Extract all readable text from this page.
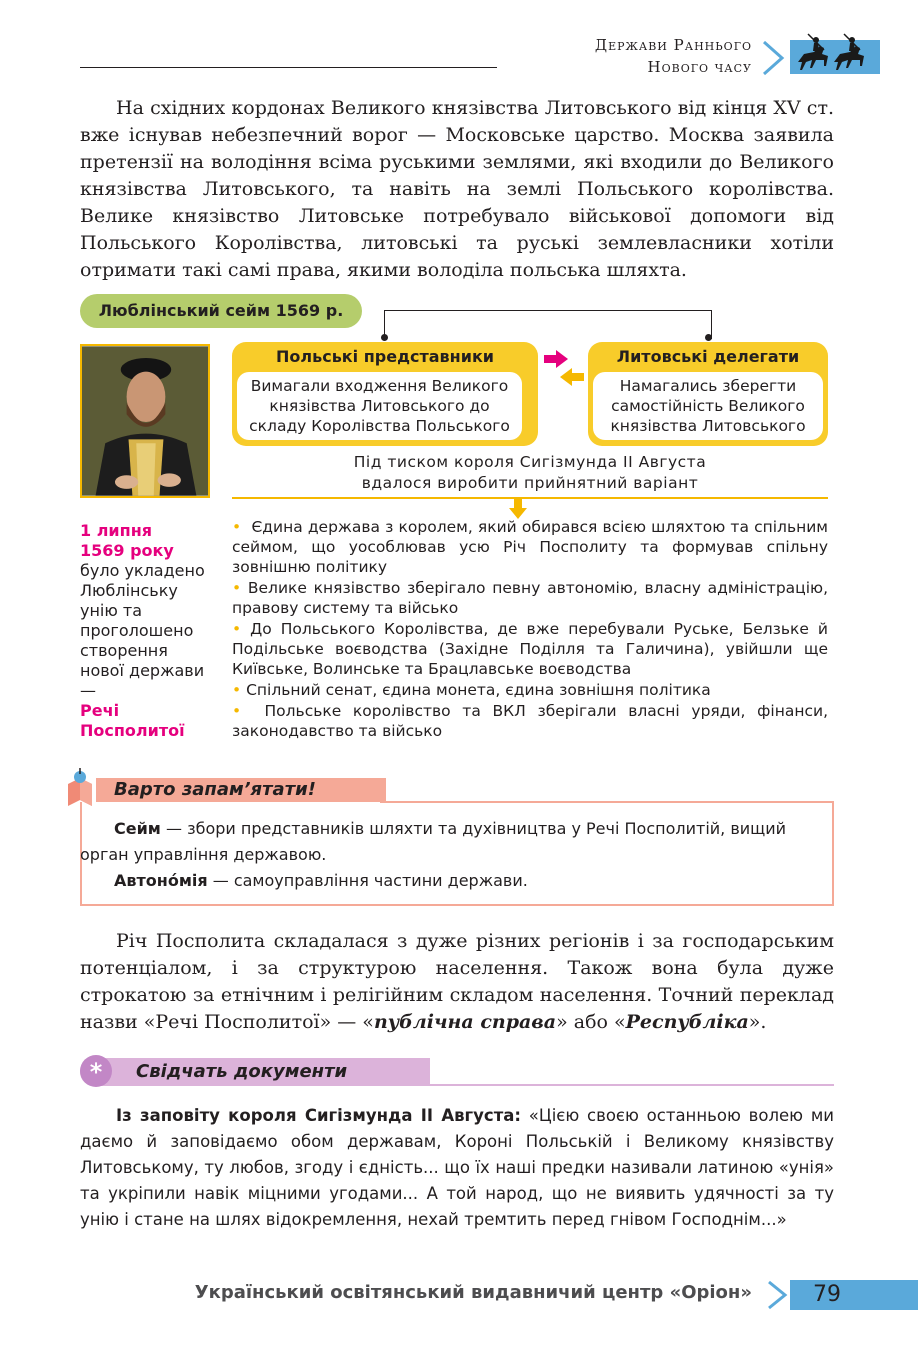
Держави Раннього
Нового часу

На східних кордонах Великого князівства Литовського від кінця XV ст. вже існував небезпечний ворог — Московське царство. Москва заявила претензії на володіння всіма руськими землями, які входили до Великого князівства Литовського, та навіть на землі Польського королівства. Велике князівство Литовське потребувало військової допомоги від Польського Королівства, литовські та руські землевласники хотіли отримати такі самі права, якими володіла польська шляхта.

Люблінський сейм 1569 р.
Польські представники
Вимагали входження Великого князівства Литовського до складу Королівства Польського
Литовські делегати
Намагались зберегти самостійність Великого князівства Литовського
Під тиском короля Сигізмунда II Августа
вдалося виробити прийнятний варіант
1 липня 1569 року
було укладено Люблінську унію та проголошено створення нової держави —
Речі Посполитої
• Єдина держава з королем, який обирався всією шляхтою та спільним сеймом, що уособлював усю Річ Посполиту та формував спільну зовнішню політику
• Велике князівство зберігало певну автономію, власну адміністрацію, правову систему та військо
• До Польського Королівства, де вже перебували Руське, Белзьке й Подільське воєводства (Західне Поділля та Галичина), увійшли ще Київське, Волинське та Брацлавське воєводства
• Спільний сенат, єдина монета, єдина зовнішня політика
• Польське королівство та ВКЛ зберігали власні уряди, фінанси, законодавство та військо
Варто запам’ятати!

Сейм — збори представників шляхти та духівництва у Речі Посполитій, вищий орган управління державою.

Автоно́мія — самоуправління частини держави.

Річ Посполита складалася з дуже різних регіонів і за господарським потенціалом, і за структурою населення. Також вона була дуже строкатою за етнічним і релігійним складом населення. Точний переклад назви «Речі Посполитої» — «публічна справа» або «Республіка».

*	Свідчать документи

Із заповіту короля Сигізмунда II Августа: «Цією своєю останньою волею ми даємо й заповідаємо обом державам, Короні Польській і Великому князівству Литовському, ту любов, згоду і єдність... що їх наші предки називали латиною «унія» та укріпили навік міцними угодами... А той народ, що не виявить удячності за ту унію і стане на шлях відокремлення, нехай тремтить перед гнівом Господнім...»

Український освітянський видавничий центр «Оріон»	79
